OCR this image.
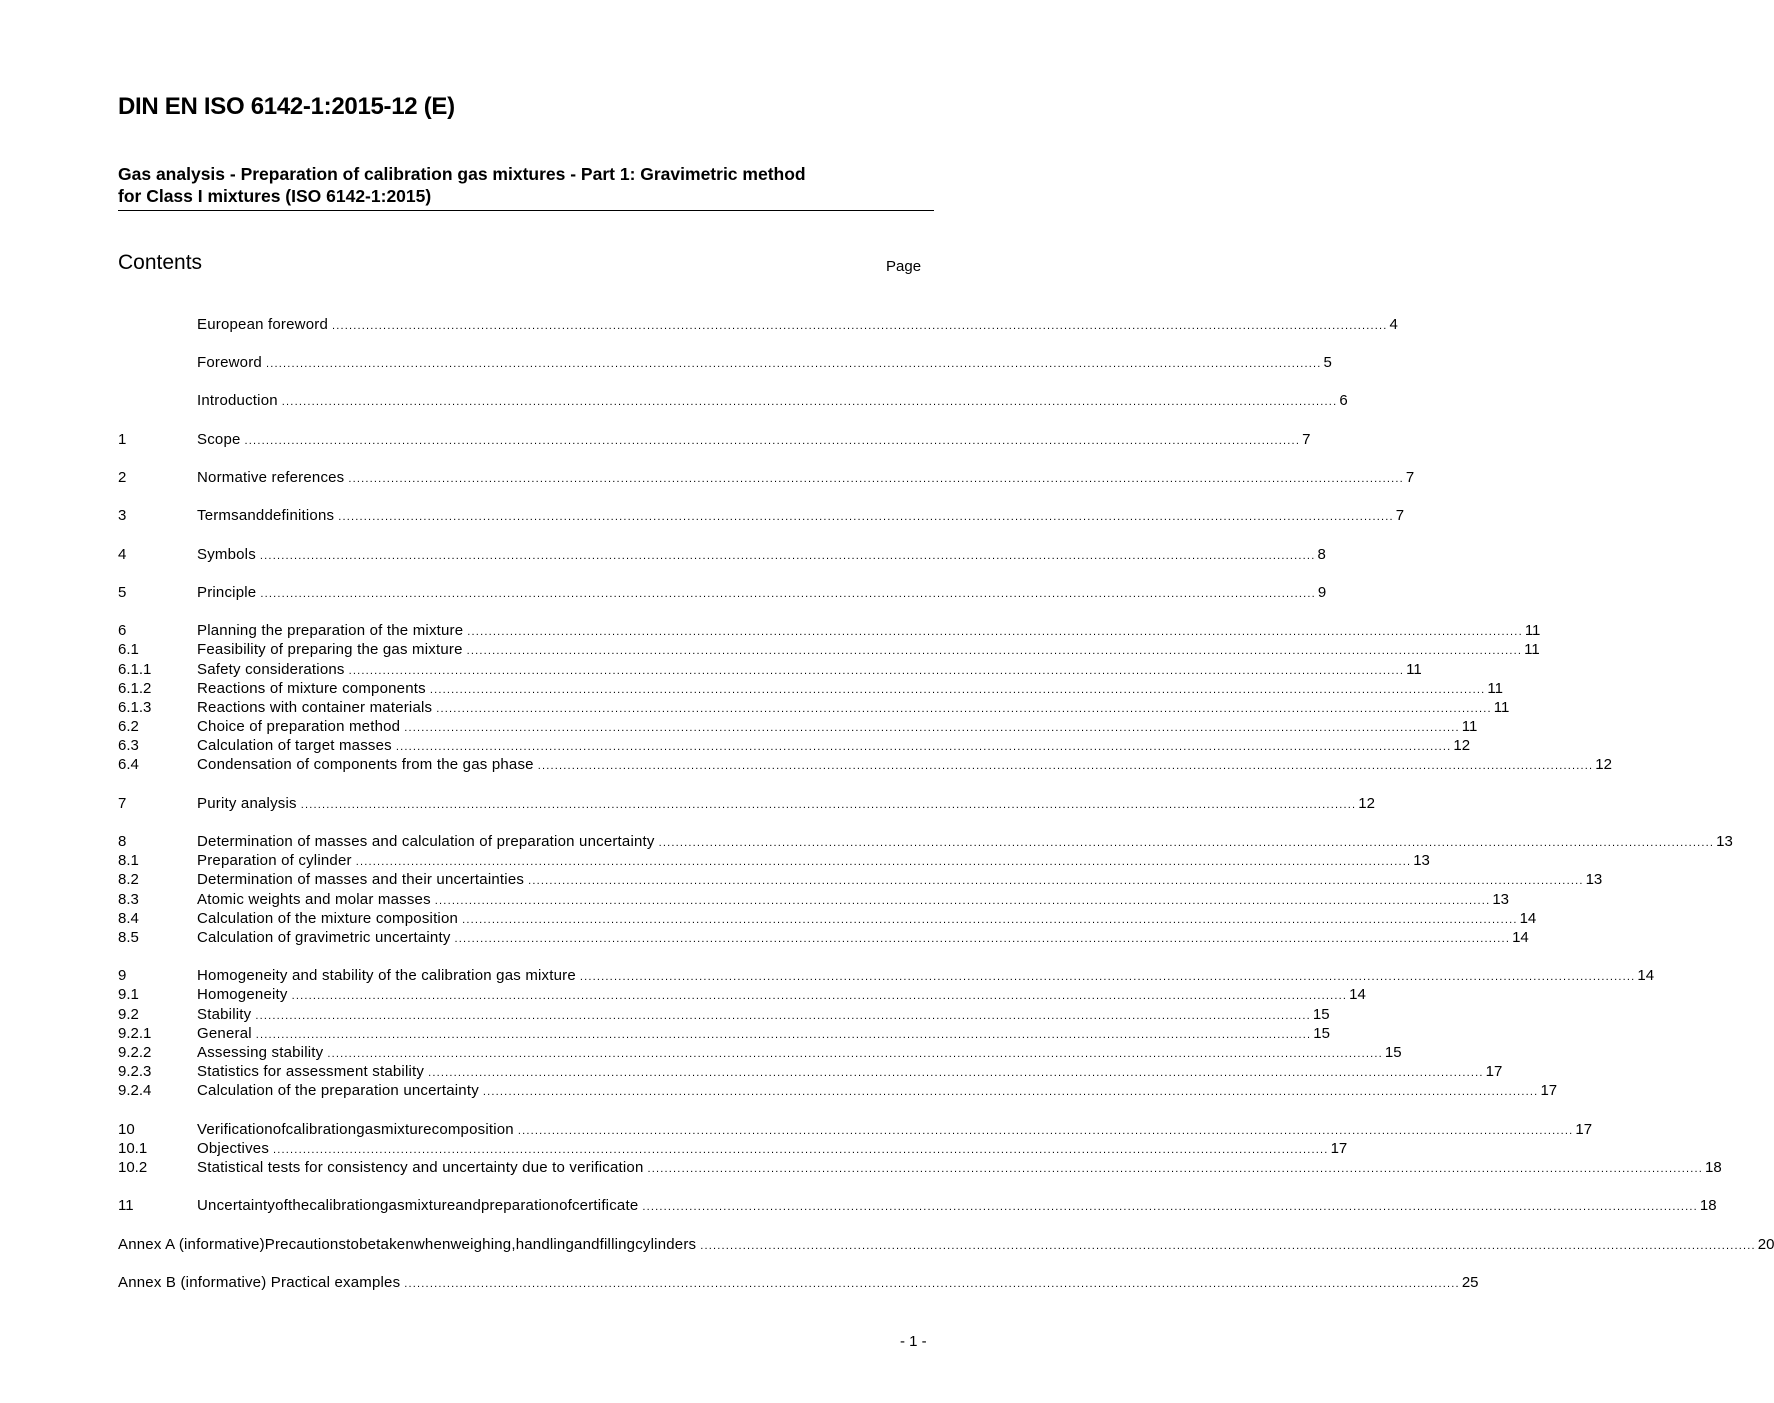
DIN EN ISO 6142-1:2015-12 (E)
Gas analysis - Preparation of calibration gas mixtures - Part 1: Gravimetric method
for Class I mixtures (ISO 6142-1:2015)
Contents	Page
European foreword ........................................................................................................................................................................................................................................................ 4
Foreword ........................................................................................................................................................................................................................................................ 5
Introduction ........................................................................................................................................................................................................................................................ 6
1	Scope ........................................................................................................................................................................................................................................................ 7
2	Normative references ........................................................................................................................................................................................................................................................ 7
3	Termsanddefinitions ........................................................................................................................................................................................................................................................ 7
4	Symbols ........................................................................................................................................................................................................................................................ 8
5	Principle ........................................................................................................................................................................................................................................................ 9
6	Planning the preparation of the mixture ........................................................................................................................................................................................................................................................ 11
6.1	Feasibility of preparing the gas mixture ........................................................................................................................................................................................................................................................ 11
6.1.1	Safety considerations ........................................................................................................................................................................................................................................................ 11
6.1.2	Reactions of mixture components ........................................................................................................................................................................................................................................................ 11
6.1.3	Reactions with container materials ........................................................................................................................................................................................................................................................ 11
6.2	Choice of preparation method ........................................................................................................................................................................................................................................................ 11
6.3	Calculation of target masses ........................................................................................................................................................................................................................................................ 12
6.4	Condensation of components from the gas phase ........................................................................................................................................................................................................................................................ 12
7	Purity analysis ........................................................................................................................................................................................................................................................ 12
8	Determination of masses and calculation of preparation uncertainty ........................................................................................................................................................................................................................................................ 13
8.1	Preparation of cylinder ........................................................................................................................................................................................................................................................ 13
8.2	Determination of masses and their uncertainties ........................................................................................................................................................................................................................................................ 13
8.3	Atomic weights and molar masses ........................................................................................................................................................................................................................................................ 13
8.4	Calculation of the mixture composition ........................................................................................................................................................................................................................................................ 14
8.5	Calculation of gravimetric uncertainty ........................................................................................................................................................................................................................................................ 14
9	Homogeneity and stability of the calibration gas mixture ........................................................................................................................................................................................................................................................ 14
9.1	Homogeneity ........................................................................................................................................................................................................................................................ 14
9.2	Stability ........................................................................................................................................................................................................................................................ 15
9.2.1	General ........................................................................................................................................................................................................................................................ 15
9.2.2	Assessing stability ........................................................................................................................................................................................................................................................ 15
9.2.3	Statistics for assessment stability ........................................................................................................................................................................................................................................................ 17
9.2.4	Calculation of the preparation uncertainty ........................................................................................................................................................................................................................................................ 17
10	Verificationofcalibrationgasmixturecomposition ........................................................................................................................................................................................................................................................ 17
10.1	Objectives ........................................................................................................................................................................................................................................................ 17
10.2	Statistical tests for consistency and uncertainty due to verification ........................................................................................................................................................................................................................................................ 18
11	Uncertaintyofthecalibrationgasmixtureandpreparationofcertificate ........................................................................................................................................................................................................................................................ 18
Annex A (informative)Precautionstobetakenwhenweighing,handlingandfillingcylinders ........................................................................................................................................................................................................................................................ 20
Annex B (informative) Practical examples ........................................................................................................................................................................................................................................................ 25
- 1 -
